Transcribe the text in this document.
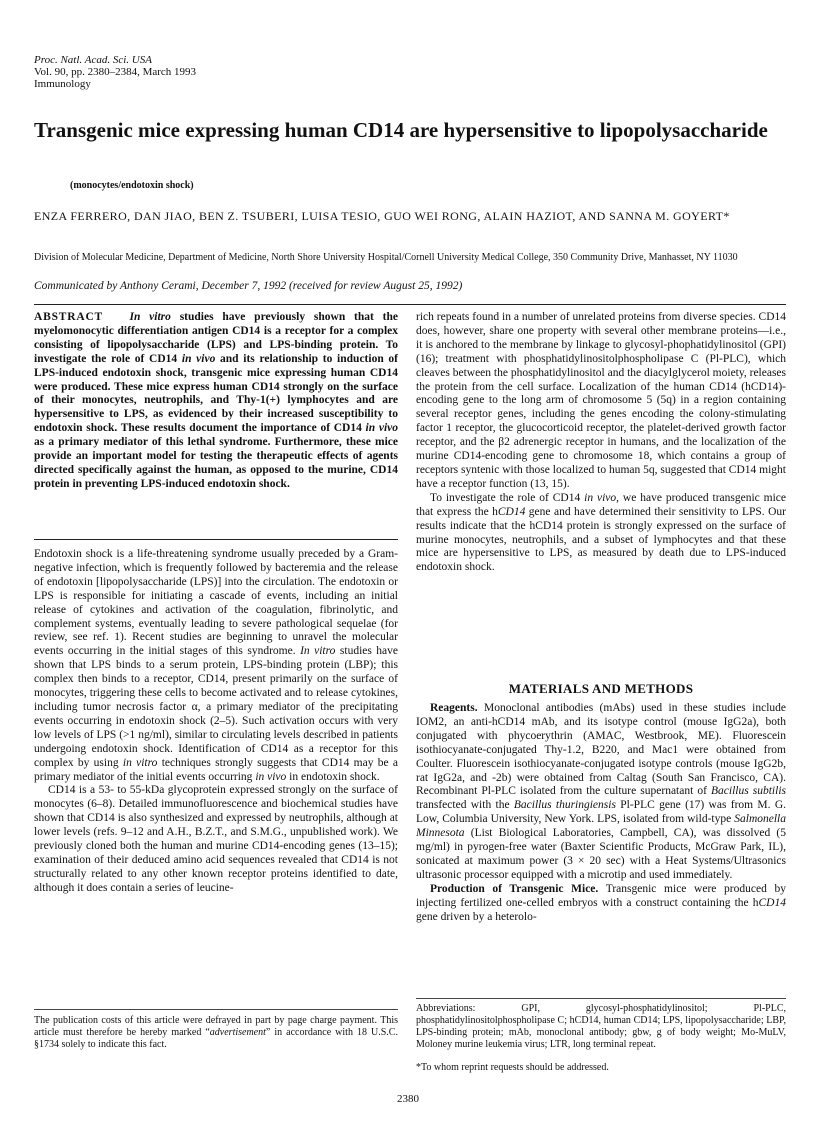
Proc. Natl. Acad. Sci. USA
Vol. 90, pp. 2380–2384, March 1993
Immunology
Transgenic mice expressing human CD14 are hypersensitive to lipopolysaccharide
(monocytes/endotoxin shock)
ENZA FERRERO, DAN JIAO, BEN Z. TSUBERI, LUISA TESIO, GUO WEI RONG, ALAIN HAZIOT, AND SANNA M. GOYERT*
Division of Molecular Medicine, Department of Medicine, North Shore University Hospital/Cornell University Medical College, 350 Community Drive, Manhasset, NY 11030
Communicated by Anthony Cerami, December 7, 1992 (received for review August 25, 1992)

ABSTRACT In vitro studies have previously shown that the myelomonocytic differentiation antigen CD14 is a receptor for a complex consisting of lipopolysaccharide (LPS) and LPS-binding protein. To investigate the role of CD14 in vivo and its relationship to induction of LPS-induced endotoxin shock, transgenic mice expressing human CD14 were produced. These mice express human CD14 strongly on the surface of their monocytes, neutrophils, and Thy-1(+) lymphocytes and are hypersensitive to LPS, as evidenced by their increased susceptibility to endotoxin shock. These results document the importance of CD14 in vivo as a primary mediator of this lethal syndrome. Furthermore, these mice provide an important model for testing the therapeutic effects of agents directed specifically against the human, as opposed to the murine, CD14 protein in preventing LPS-induced endotoxin shock.

Endotoxin shock is a life-threatening syndrome usually preceded by a Gram-negative infection, which is frequently followed by bacteremia and the release of endotoxin [lipopolysaccharide (LPS)] into the circulation. The endotoxin or LPS is responsible for initiating a cascade of events, including an initial release of cytokines and activation of the coagulation, fibrinolytic, and complement systems, eventually leading to severe pathological sequelae (for review, see ref. 1). Recent studies are beginning to unravel the molecular events occurring in the initial stages of this syndrome. In vitro studies have shown that LPS binds to a serum protein, LPS-binding protein (LBP); this complex then binds to a receptor, CD14, present primarily on the surface of monocytes, triggering these cells to become activated and to release cytokines, including tumor necrosis factor α, a primary mediator of the precipitating events occurring in endotoxin shock (2–5). Such activation occurs with very low levels of LPS (>1 ng/ml), similar to circulating levels described in patients undergoing endotoxin shock. Identification of CD14 as a receptor for this complex by using in vitro techniques strongly suggests that CD14 may be a primary mediator of the initial events occurring in vivo in endotoxin shock.

CD14 is a 53- to 55-kDa glycoprotein expressed strongly on the surface of monocytes (6–8). Detailed immunofluorescence and biochemical studies have shown that CD14 is also synthesized and expressed by neutrophils, although at lower levels (refs. 9–12 and A.H., B.Z.T., and S.M.G., unpublished work). We previously cloned both the human and murine CD14-encoding genes (13–15); examination of their deduced amino acid sequences revealed that CD14 is not structurally related to any other known receptor proteins identified to date, although it does contain a series of leucine-

rich repeats found in a number of unrelated proteins from diverse species. CD14 does, however, share one property with several other membrane proteins—i.e., it is anchored to the membrane by linkage to glycosyl-phophatidylinositol (GPI) (16); treatment with phosphatidylinositolphospholipase C (Pl-PLC), which cleaves between the phosphatidylinositol and the diacylglycerol moiety, releases the protein from the cell surface. Localization of the human CD14 (hCD14)-encoding gene to the long arm of chromosome 5 (5q) in a region containing several receptor genes, including the genes encoding the colony-stimulating factor 1 receptor, the glucocorticoid receptor, the platelet-derived growth factor receptor, and the β2 adrenergic receptor in humans, and the localization of the murine CD14-encoding gene to chromosome 18, which contains a group of receptors syntenic with those localized to human 5q, suggested that CD14 might have a receptor function (13, 15).

To investigate the role of CD14 in vivo, we have produced transgenic mice that express the hCD14 gene and have determined their sensitivity to LPS. Our results indicate that the hCD14 protein is strongly expressed on the surface of murine monocytes, neutrophils, and a subset of lymphocytes and that these mice are hypersensitive to LPS, as measured by death due to LPS-induced endotoxin shock.

MATERIALS AND METHODS

Reagents. Monoclonal antibodies (mAbs) used in these studies include IOM2, an anti-hCD14 mAb, and its isotype control (mouse IgG2a), both conjugated with phycoerythrin (AMAC, Westbrook, ME). Fluorescein isothiocyanate-conjugated Thy-1.2, B220, and Mac1 were obtained from Coulter. Fluorescein isothiocyanate-conjugated isotype controls (mouse IgG2b, rat IgG2a, and -2b) were obtained from Caltag (South San Francisco, CA). Recombinant Pl-PLC isolated from the culture supernatant of Bacillus subtilis transfected with the Bacillus thuringiensis Pl-PLC gene (17) was from M. G. Low, Columbia University, New York. LPS, isolated from wild-type Salmonella Minnesota (List Biological Laboratories, Campbell, CA), was dissolved (5 mg/ml) in pyrogen-free water (Baxter Scientific Products, McGraw Park, IL), sonicated at maximum power (3 × 20 sec) with a Heat Systems/Ultrasonics ultrasonic processor equipped with a microtip and used immediately.

Production of Transgenic Mice. Transgenic mice were produced by injecting fertilized one-celled embryos with a construct containing the hCD14 gene driven by a heterolo-

Abbreviations: GPI, glycosyl-phosphatidylinositol; Pl-PLC, phosphatidylinositolphospholipase C; hCD14, human CD14; LPS, lipopolysaccharide; LBP, LPS-binding protein; mAb, monoclonal antibody; gbw, g of body weight; Mo-MuLV, Moloney murine leukemia virus; LTR, long terminal repeat.
*To whom reprint requests should be addressed.
The publication costs of this article were defrayed in part by page charge payment. This article must therefore be hereby marked “advertisement” in accordance with 18 U.S.C. §1734 solely to indicate this fact.
2380
